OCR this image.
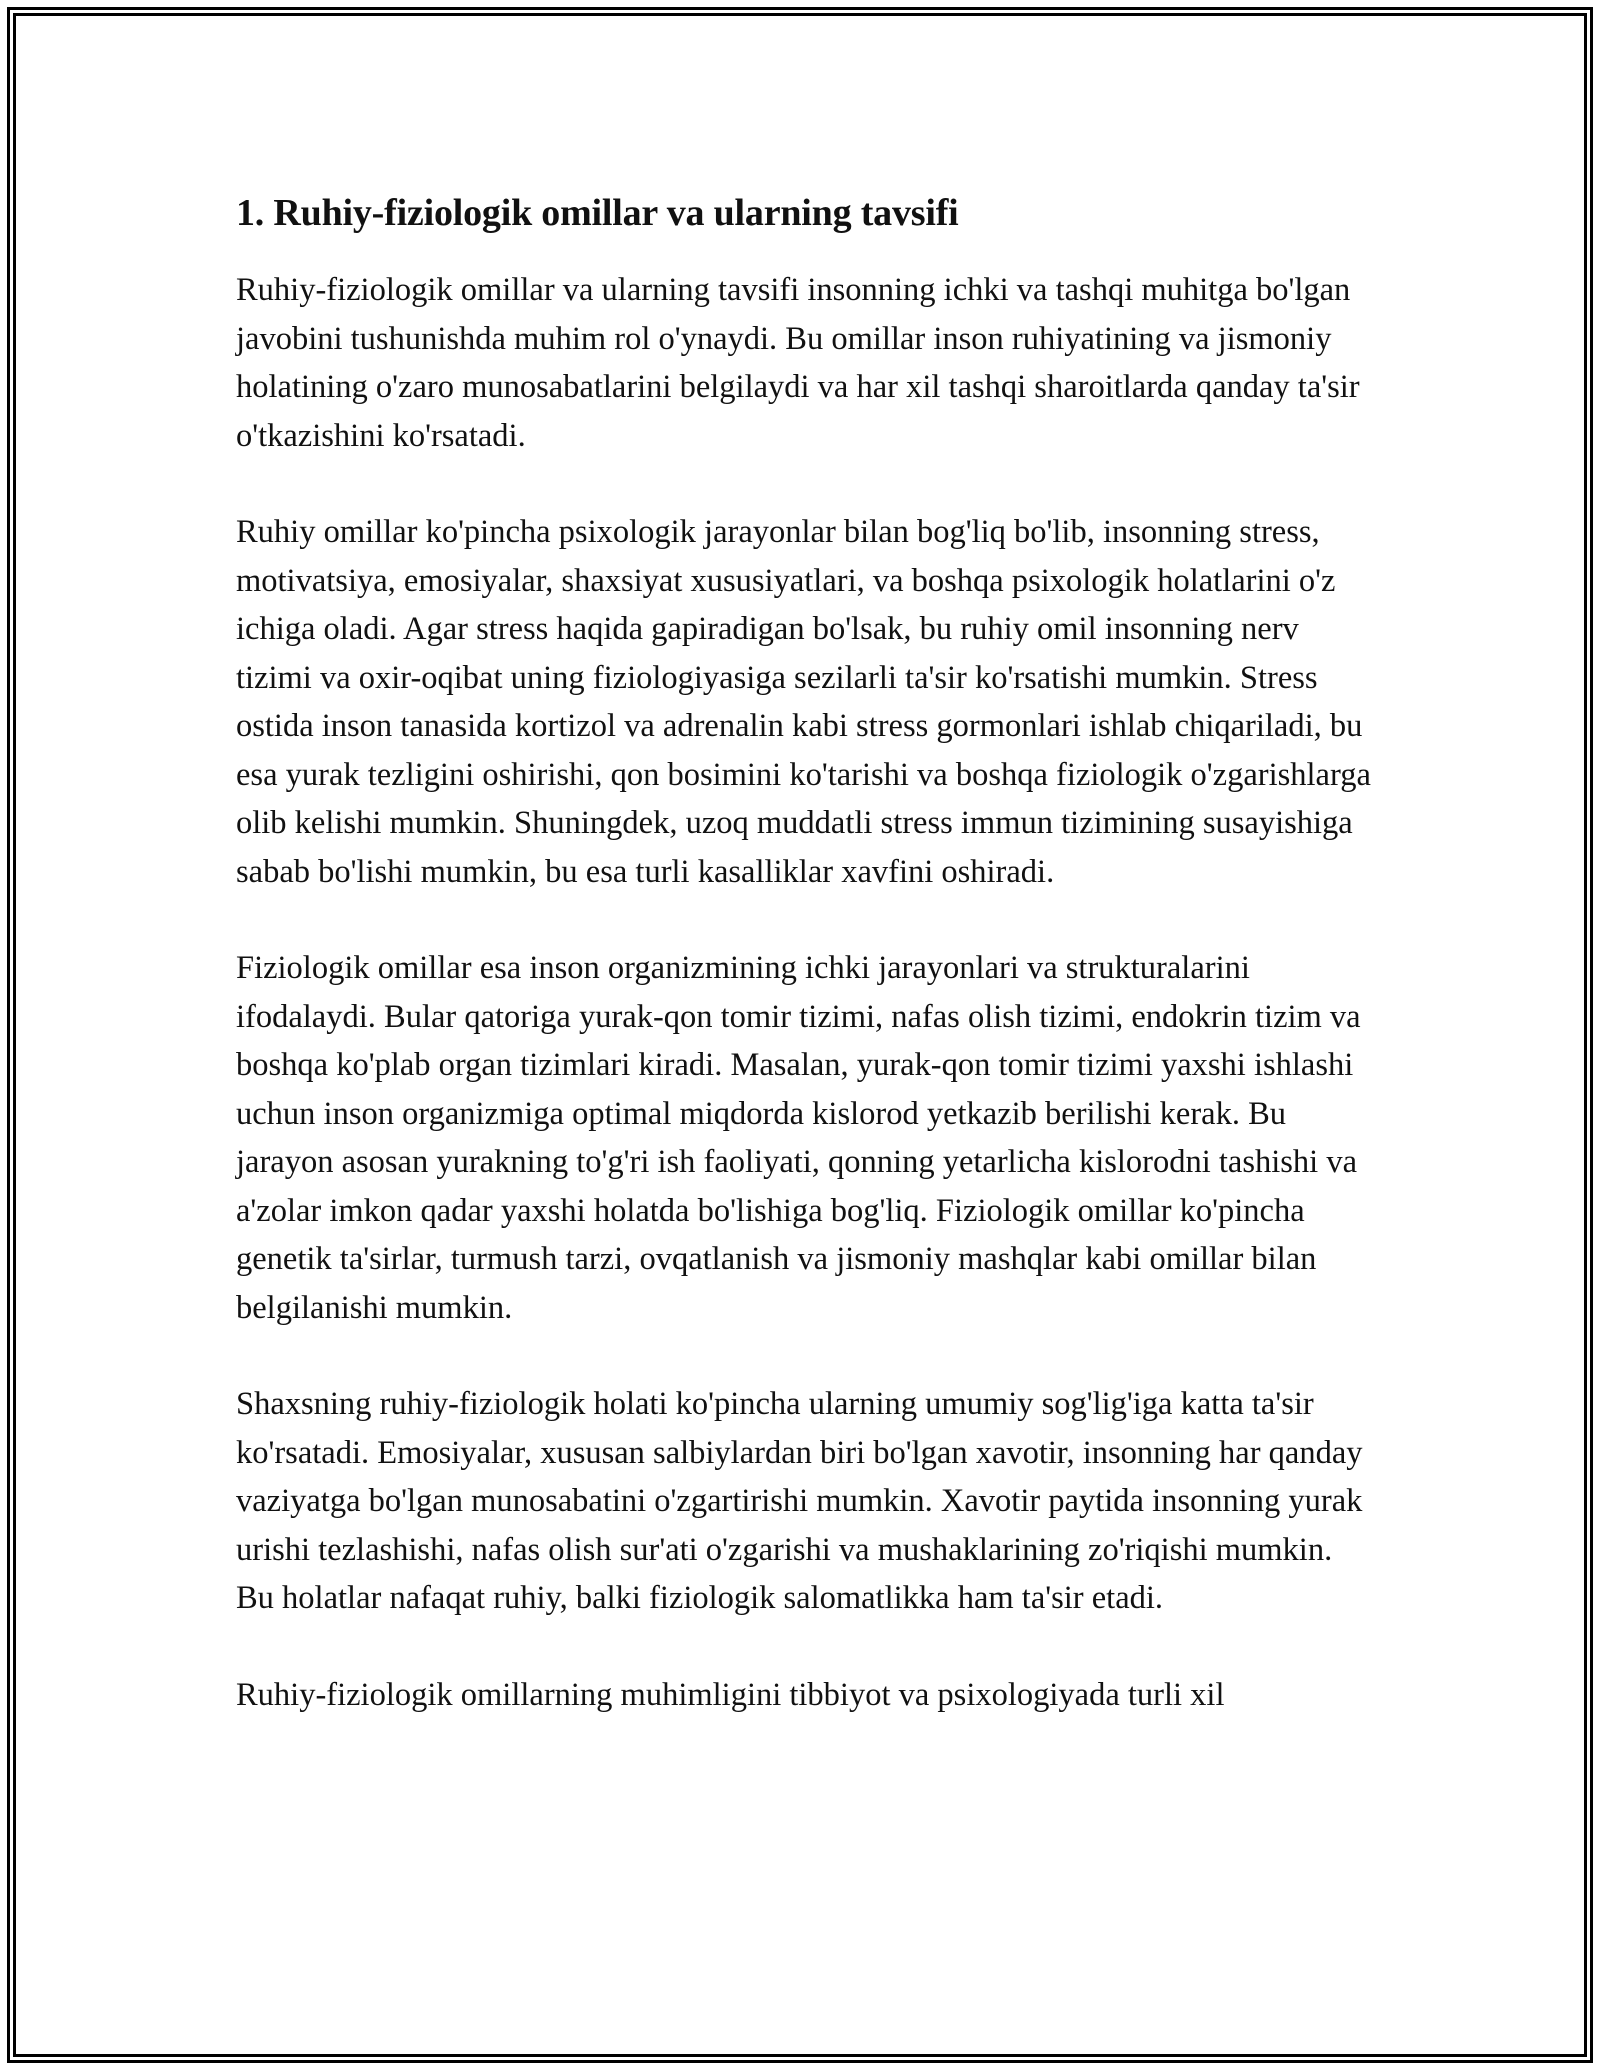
1. Ruhiy-fiziologik omillar va ularning tavsifi

Ruhiy-fiziologik omillar va ularning tavsifi insonning ichki va tashqi muhitga bo'lgan javobini tushunishda muhim rol o'ynaydi. Bu omillar inson ruhiyatining va jismoniy holatining o'zaro munosabatlarini belgilaydi va har xil tashqi sharoitlarda qanday ta'sir o'tkazishini ko'rsatadi.

Ruhiy omillar ko'pincha psixologik jarayonlar bilan bog'liq bo'lib, insonning stress, motivatsiya, emosiyalar, shaxsiyat xususiyatlari, va boshqa psixologik holatlarini o'z ichiga oladi. Agar stress haqida gapiradigan bo'lsak, bu ruhiy omil insonning nerv tizimi va oxir-oqibat uning fiziologiyasiga sezilarli ta'sir ko'rsatishi mumkin. Stress ostida inson tanasida kortizol va adrenalin kabi stress gormonlari ishlab chiqariladi, bu esa yurak tezligini oshirishi, qon bosimini ko'tarishi va boshqa fiziologik o'zgarishlarga olib kelishi mumkin. Shuningdek, uzoq muddatli stress immun tizimining susayishiga sabab bo'lishi mumkin, bu esa turli kasalliklar xavfini oshiradi.

Fiziologik omillar esa inson organizmining ichki jarayonlari va strukturalarini ifodalaydi. Bular qatoriga yurak-qon tomir tizimi, nafas olish tizimi, endokrin tizim va boshqa ko'plab organ tizimlari kiradi. Masalan, yurak-qon tomir tizimi yaxshi ishlashi uchun inson organizmiga optimal miqdorda kislorod yetkazib berilishi kerak. Bu jarayon asosan yurakning to'g'ri ish faoliyati, qonning yetarlicha kislorodni tashishi va a'zolar imkon qadar yaxshi holatda bo'lishiga bog'liq. Fiziologik omillar ko'pincha genetik ta'sirlar, turmush tarzi, ovqatlanish va jismoniy mashqlar kabi omillar bilan belgilanishi mumkin.

Shaxsning ruhiy-fiziologik holati ko'pincha ularning umumiy sog'lig'iga katta ta'sir ko'rsatadi. Emosiyalar, xususan salbiylardan biri bo'lgan xavotir, insonning har qanday vaziyatga bo'lgan munosabatini o'zgartirishi mumkin. Xavotir paytida insonning yurak urishi tezlashishi, nafas olish sur'ati o'zgarishi va mushaklarining zo'riqishi mumkin. Bu holatlar nafaqat ruhiy, balki fiziologik salomatlikka ham ta'sir etadi.

Ruhiy-fiziologik omillarning muhimligini tibbiyot va psixologiyada turli xil
